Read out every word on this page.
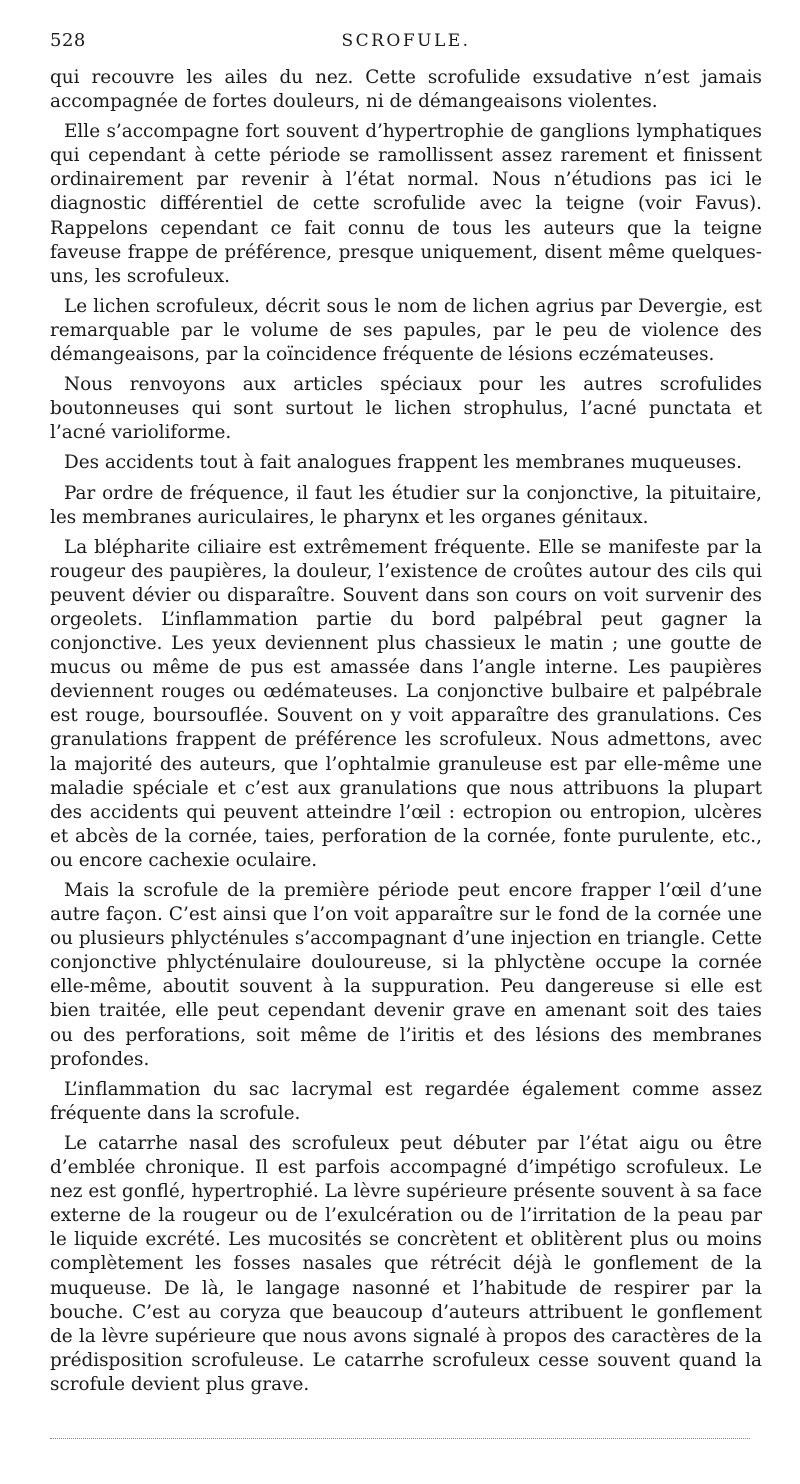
528	SCROFULE.

qui recouvre les ailes du nez. Cette scrofulide exsudative n’est jamais accompagnée de fortes douleurs, ni de démangeaisons violentes.

Elle s’accompagne fort souvent d’hypertrophie de ganglions lymphatiques qui cependant à cette période se ramollissent assez rarement et finissent ordinairement par revenir à l’état normal. Nous n’étudions pas ici le diagnostic différentiel de cette scrofulide avec la teigne (voir Favus). Rappelons cependant ce fait connu de tous les auteurs que la teigne faveuse frappe de préférence, presque uniquement, disent même quelques-uns, les scrofuleux.

Le lichen scrofuleux, décrit sous le nom de lichen agrius par Devergie, est remarquable par le volume de ses papules, par le peu de violence des démangeaisons, par la coïncidence fréquente de lésions eczémateuses.

Nous renvoyons aux articles spéciaux pour les autres scrofulides boutonneuses qui sont surtout le lichen strophulus, l’acné punctata et l’acné varioliforme.

Des accidents tout à fait analogues frappent les membranes muqueuses.

Par ordre de fréquence, il faut les étudier sur la conjonctive, la pituitaire, les membranes auriculaires, le pharynx et les organes génitaux.

La blépharite ciliaire est extrêmement fréquente. Elle se manifeste par la rougeur des paupières, la douleur, l’existence de croûtes autour des cils qui peuvent dévier ou disparaître. Souvent dans son cours on voit survenir des orgeolets. L’inflammation partie du bord palpébral peut gagner la conjonctive. Les yeux deviennent plus chassieux le matin ; une goutte de mucus ou même de pus est amassée dans l’angle interne. Les paupières deviennent rouges ou œdémateuses. La conjonctive bulbaire et palpébrale est rouge, boursouflée. Souvent on y voit apparaître des granulations. Ces granulations frappent de préférence les scrofuleux. Nous admettons, avec la majorité des auteurs, que l’ophtalmie granuleuse est par elle-même une maladie spéciale et c’est aux granulations que nous attribuons la plupart des accidents qui peuvent atteindre l’œil : ectropion ou entropion, ulcères et abcès de la cornée, taies, perforation de la cornée, fonte purulente, etc., ou encore cachexie oculaire.

Mais la scrofule de la première période peut encore frapper l’œil d’une autre façon. C’est ainsi que l’on voit apparaître sur le fond de la cornée une ou plusieurs phlycténules s’accompagnant d’une injection en triangle. Cette conjonctive phlycténulaire douloureuse, si la phlyctène occupe la cornée elle-même, aboutit souvent à la suppuration. Peu dangereuse si elle est bien traitée, elle peut cependant devenir grave en amenant soit des taies ou des perforations, soit même de l’iritis et des lésions des membranes profondes.

L’inflammation du sac lacrymal est regardée également comme assez fréquente dans la scrofule.

Le catarrhe nasal des scrofuleux peut débuter par l’état aigu ou être d’emblée chronique. Il est parfois accompagné d’impétigo scrofuleux. Le nez est gonflé, hypertrophié. La lèvre supérieure présente souvent à sa face externe de la rougeur ou de l’exulcération ou de l’irritation de la peau par le liquide excrété. Les mucosités se concrètent et oblitèrent plus ou moins complètement les fosses nasales que rétrécit déjà le gonflement de la muqueuse. De là, le langage nasonné et l’habitude de respirer par la bouche. C’est au coryza que beaucoup d’auteurs attribuent le gonflement de la lèvre supérieure que nous avons signalé à propos des caractères de la prédisposition scrofuleuse. Le catarrhe scrofuleux cesse souvent quand la scrofule devient plus grave.
